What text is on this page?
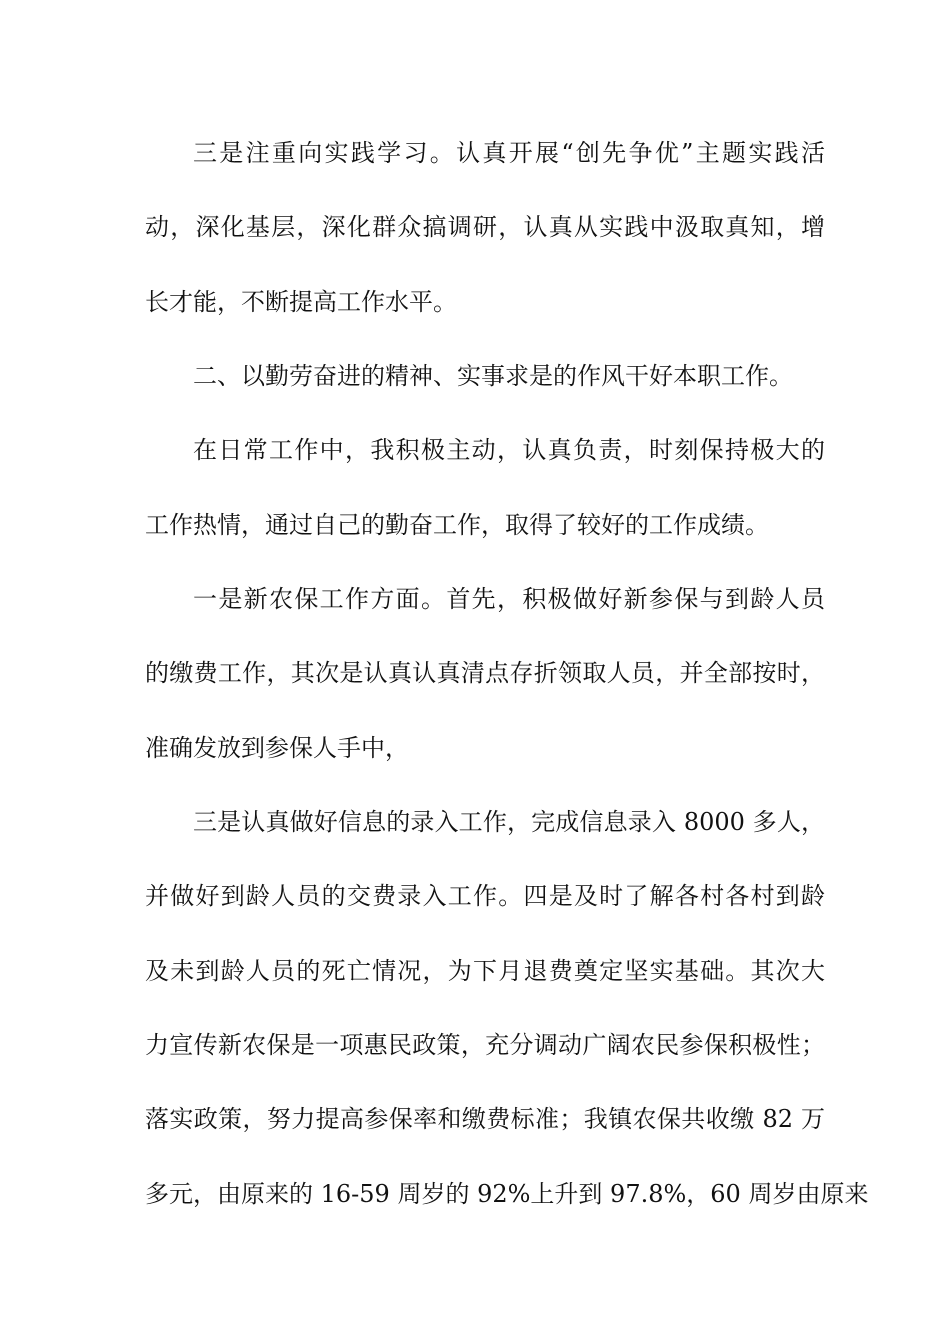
三是注重向实践学习。认真开展“创先争优”主题实践活
动，深化基层，深化群众搞调研，认真从实践中汲取真知，增
长才能，不断提高工作水平。
二、以勤劳奋进的精神、实事求是的作风干好本职工作。
在日常工作中，我积极主动，认真负责，时刻保持极大的
工作热情，通过自己的勤奋工作，取得了较好的工作成绩。
一是新农保工作方面。首先，积极做好新参保与到龄人员
的缴费工作，其次是认真认真清点存折领取人员，并全部按时，
准确发放到参保人手中，
三是认真做好信息的录入工作，完成信息录入 8000 多人，
并做好到龄人员的交费录入工作。四是及时了解各村各村到龄
及未到龄人员的死亡情况，为下月退费奠定坚实基础。其次大
力宣传新农保是一项惠民政策，充分调动广阔农民参保积极性；
落实政策，努力提高参保率和缴费标准；我镇农保共收缴 82 万
多元，由原来的 16-59 周岁的 92%上升到 97.8%，60 周岁由原来
